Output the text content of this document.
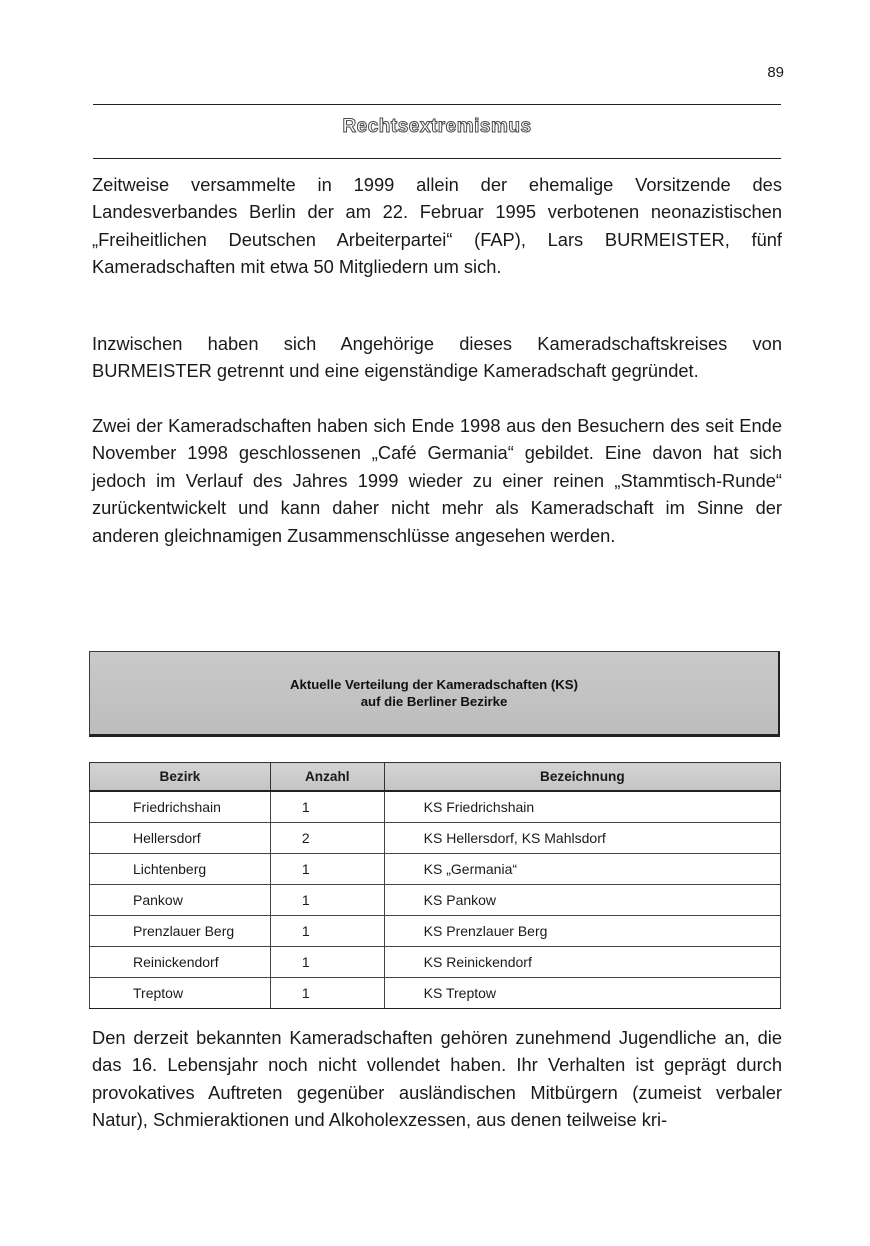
89
Rechtsextremismus

Zeitweise versammelte in 1999 allein der ehemalige Vorsitzende des Landesverbandes Berlin der am 22. Februar 1995 verbotenen neonazistischen „Freiheitlichen Deutschen Arbeiterpartei“ (FAP), Lars BURMEISTER, fünf Kameradschaften mit etwa 50 Mitgliedern um sich.

Inzwischen haben sich Angehörige dieses Kameradschaftskreises von BURMEISTER getrennt und eine eigenständige Kameradschaft gegründet.

Zwei der Kameradschaften haben sich Ende 1998 aus den Besuchern des seit Ende November 1998 geschlossenen „Café Germania“ gebildet. Eine davon hat sich jedoch im Verlauf des Jahres 1999 wieder zu einer reinen „Stammtisch-Runde“ zurückentwickelt und kann daher nicht mehr als Kameradschaft im Sinne der anderen gleichnamigen Zusammenschlüsse angesehen werden.

Aktuelle Verteilung der Kameradschaften (KS)
auf die Berliner Bezirke
Bezirk	Anzahl	Bezeichnung
Friedrichshain	1	KS Friedrichshain
Hellersdorf	2	KS Hellersdorf, KS Mahlsdorf
Lichtenberg	1	KS „Germania“
Pankow	1	KS Pankow
Prenzlauer Berg	1	KS Prenzlauer Berg
Reinickendorf	1	KS Reinickendorf
Treptow	1	KS Treptow

Den derzeit bekannten Kameradschaften gehören zunehmend Jugendliche an, die das 16. Lebensjahr noch nicht vollendet haben. Ihr Verhalten ist geprägt durch provokatives Auftreten gegenüber ausländischen Mitbürgern (zumeist verbaler Natur), Schmieraktionen und Alkoholexzessen, aus denen teilweise kri-
